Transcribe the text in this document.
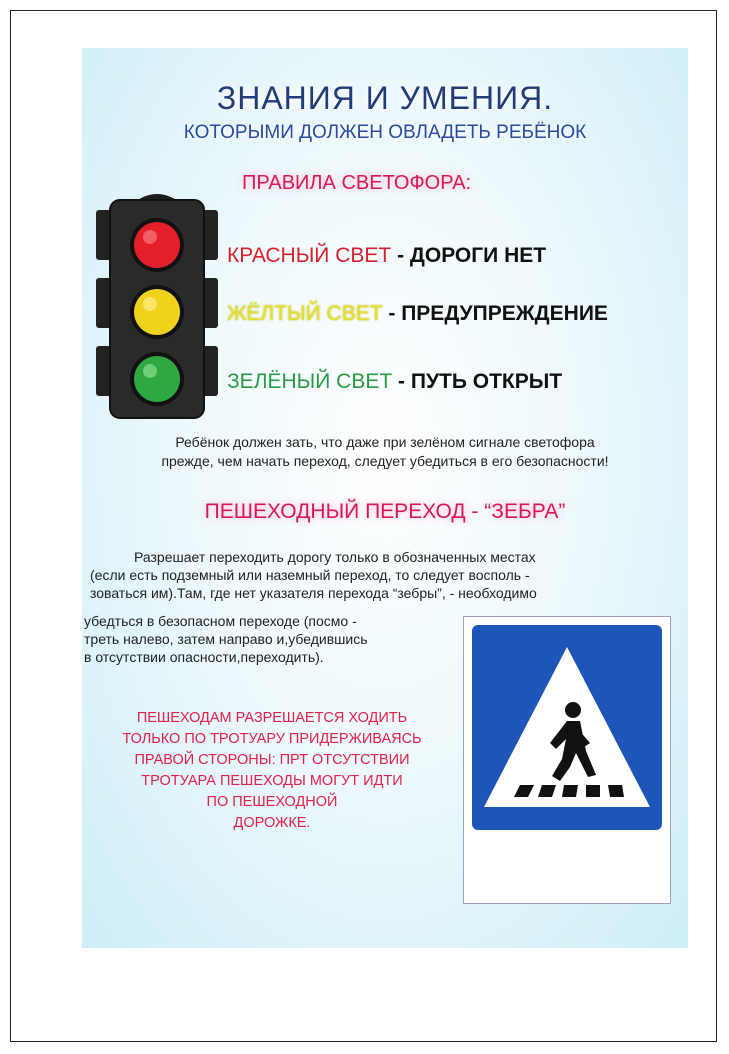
ЗНАНИЯ И УМЕНИЯ.
КОТОРЫМИ ДОЛЖЕН ОВЛАДЕТЬ РЕБЁНОК
ПРАВИЛА СВЕТОФОРА:
КРАСНЫЙ СВЕТ - ДОРОГИ НЕТ
ЖЁЛТЫЙ СВЕТ - ПРЕДУПРЕЖДЕНИЕ
ЗЕЛЁНЫЙ СВЕТ - ПУТЬ ОТКРЫТ
Ребёнок должен зать, что даже при зелёном сигнале светофора
прежде, чем начать переход, следует убедиться в его безопасности!
ПЕШЕХОДНЫЙ ПЕРЕХОД - “ЗЕБРА”
Разрешает переходить дорогу только в обозначенных местах
(если есть подземный или наземный переход, то следует восполь -
зоваться им).Там, где нет указателя перехода “зебры”, - необходимо
убедться в безопасном переходе (посмо -
треть налево, затем направо и,убедившись
в отсутствии опасности,переходить).
ПЕШЕХОДАМ РАЗРЕШАЕТСЯ ХОДИТЬ
ТОЛЬКО ПО ТРОТУАРУ ПРИДЕРЖИВАЯСЬ
ПРАВОЙ СТОРОНЫ: ПРТ ОТСУТСТВИИ
ТРОТУАРА ПЕШЕХОДЫ МОГУТ ИДТИ
ПО ПЕШЕХОДНОЙ
ДОРОЖКЕ.
